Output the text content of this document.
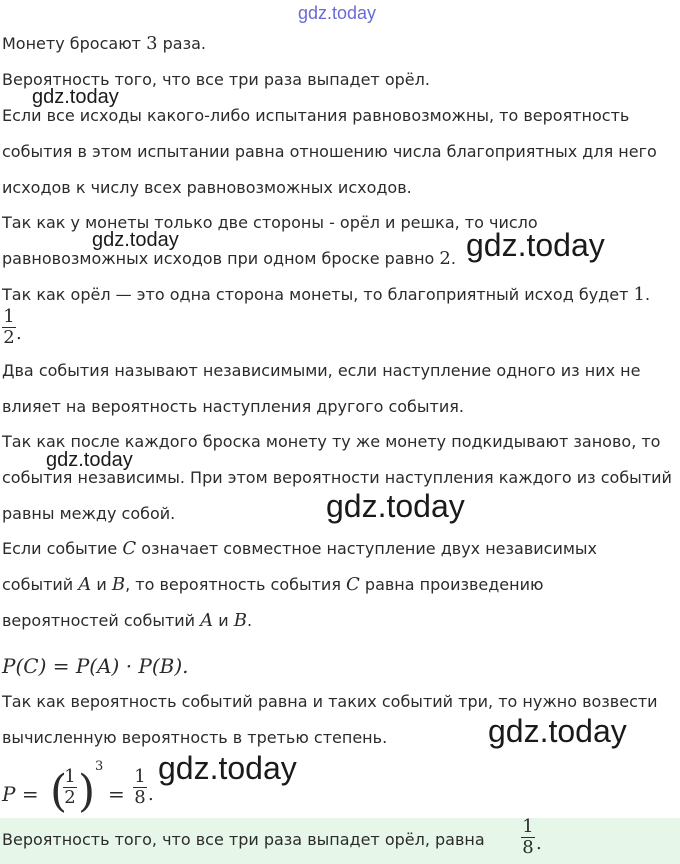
gdz.today
gdz.today
gdz.today	gdz.today
gdz.today
gdz.today
gdz.today
gdz.today
Монету бросают 3 раза.
Вероятность того, что все три раза выпадет орёл.
Если все исходы какого-либо испытания равновозможны, то вероятность
события в этом испытании равна отношению числа благоприятных для него
исходов к числу всех равновозможных исходов.
Так как у монеты только две стороны - орёл и решка, то число
равновозможных исходов при одном броске равно 2.
Так как орёл — это одна сторона монеты, то благоприятный исход будет 1.
1
2 .
Два события называют независимыми, если наступление одного из них не
влияет на вероятность наступления другого события.
Так как после каждого броска монету ту же монету подкидывают заново, то
события независимы. При этом вероятности наступления каждого из событий
равны между собой.
Если событие C означает совместное наступление двух независимых
событий A и B, то вероятность события C равна произведению
вероятностей событий A и B.
P(C) = P(A) · P(B).
Так как вероятность событий равна и таких событий три, то нужно возвести
вычисленную вероятность в третью степень.
P = (
1
2 ) 3
=
1
8 .
Вероятность того, что все три раза выпадет орёл, равна
1
8 .
